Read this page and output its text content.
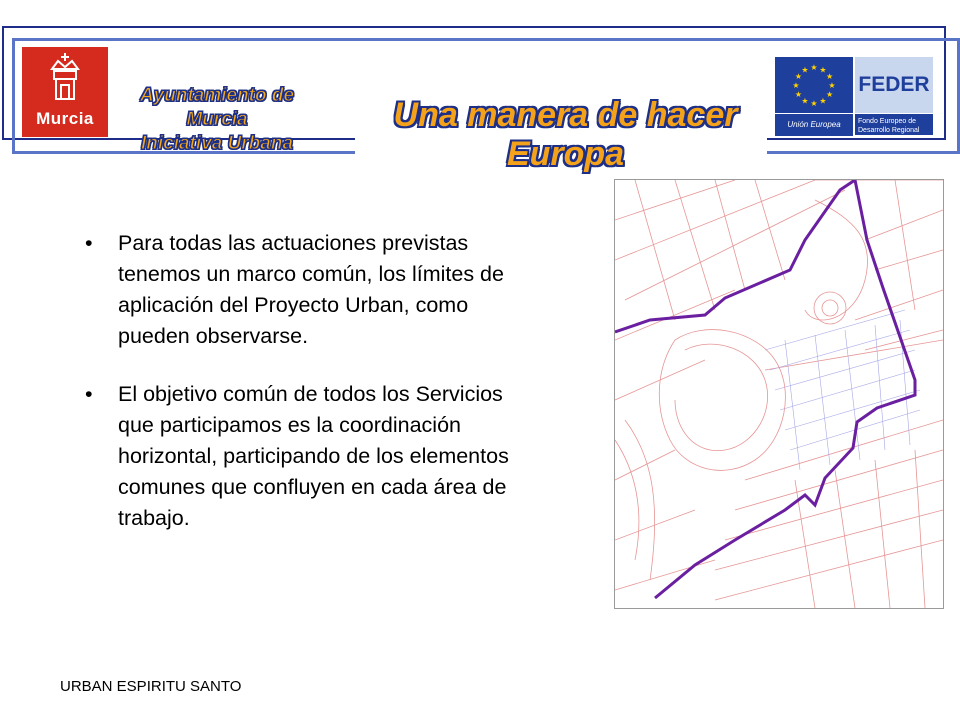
Murcia
Ayuntamiento de Murcia
Iniciativa Urbana
Una manera de hacer Europa
★
★
★
★
★
★
★
★
★ ★ ★
★
Unión Europea
FEDER
Fondo Europeo de Desarrollo Regional
• Para todas las actuaciones previstas tenemos un marco común, los límites de aplicación del Proyecto Urban, como pueden observarse.
• El objetivo común de todos los Servicios que participamos es la coordinación horizontal, participando de los elementos comunes que confluyen en cada área de trabajo.
URBAN ESPIRITU SANTO
